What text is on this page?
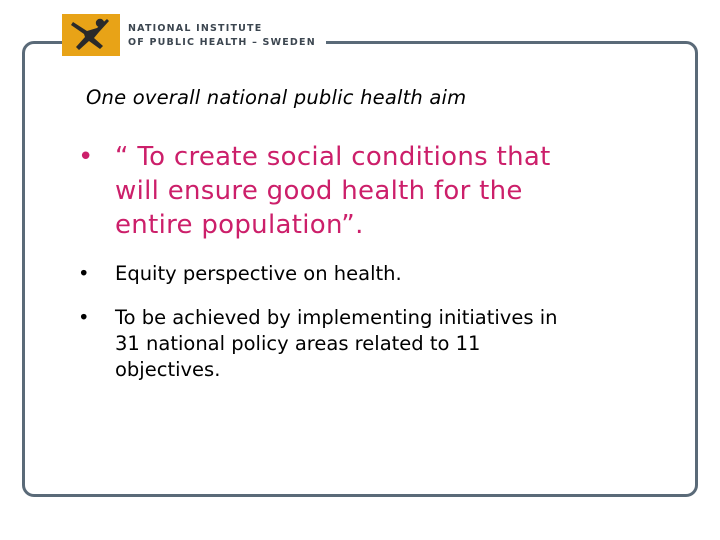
NATIONAL INSTITUTE
OF PUBLIC HEALTH – SWEDEN
One overall national public health aim
• “ To create social conditions that
will ensure good health for the
entire population”.
• Equity perspective on health.
• To be achieved by implementing initiatives in
31 national policy areas related to 11
objectives.
